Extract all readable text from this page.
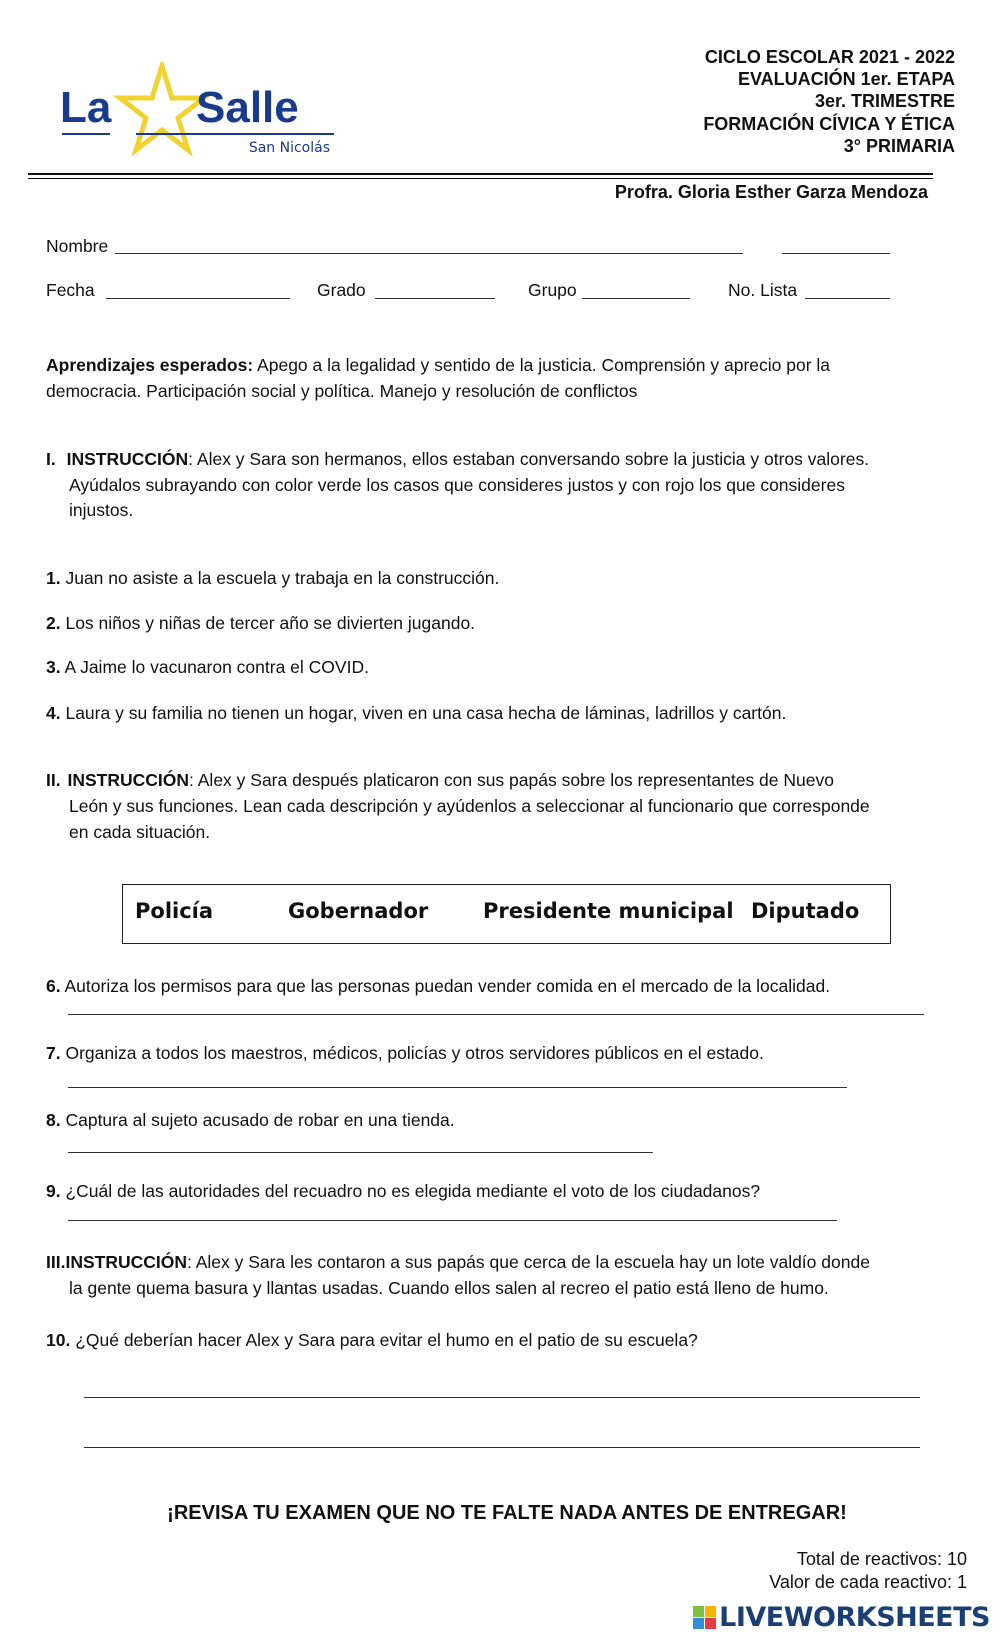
La Salle
San Nicolás
CICLO ESCOLAR 2021 - 2022
EVALUACIÓN 1er. ETAPA
3er. TRIMESTRE
FORMACIÓN CÍVICA Y ÉTICA
3° PRIMARIA
Profra. Gloria Esther Garza Mendoza
Nombre
Fecha	Grado	Grupo	No. Lista
Aprendizajes esperados: Apego a la legalidad y sentido de la justicia. Comprensión y aprecio por la
democracia. Participación social y política. Manejo y resolución de conflictos
I. INSTRUCCIÓN: Alex y Sara son hermanos, ellos estaban conversando sobre la justicia y otros valores.
Ayúdalos subrayando con color verde los casos que consideres justos y con rojo los que consideres
injustos.
1. Juan no asiste a la escuela y trabaja en la construcción.
2. Los niños y niñas de tercer año se divierten jugando.
3. A Jaime lo vacunaron contra el COVID.
4. Laura y su familia no tienen un hogar, viven en una casa hecha de láminas, ladrillos y cartón.
II. INSTRUCCIÓN: Alex y Sara después platicaron con sus papás sobre los representantes de Nuevo
León y sus funciones. Lean cada descripción y ayúdenlos a seleccionar al funcionario que corresponde
en cada situación.
Policía	Gobernador	Presidente municipal Diputado
6. Autoriza los permisos para que las personas puedan vender comida en el mercado de la localidad.
7. Organiza a todos los maestros, médicos, policías y otros servidores públicos en el estado.
8. Captura al sujeto acusado de robar en una tienda.
9. ¿Cuál de las autoridades del recuadro no es elegida mediante el voto de los ciudadanos?
III.INSTRUCCIÓN: Alex y Sara les contaron a sus papás que cerca de la escuela hay un lote valdío donde
la gente quema basura y llantas usadas. Cuando ellos salen al recreo el patio está lleno de humo.
10. ¿Qué deberían hacer Alex y Sara para evitar el humo en el patio de su escuela?
¡REVISA TU EXAMEN QUE NO TE FALTE NADA ANTES DE ENTREGAR!
Total de reactivos: 10
Valor de cada reactivo: 1
LIVEWORKSHEETS
